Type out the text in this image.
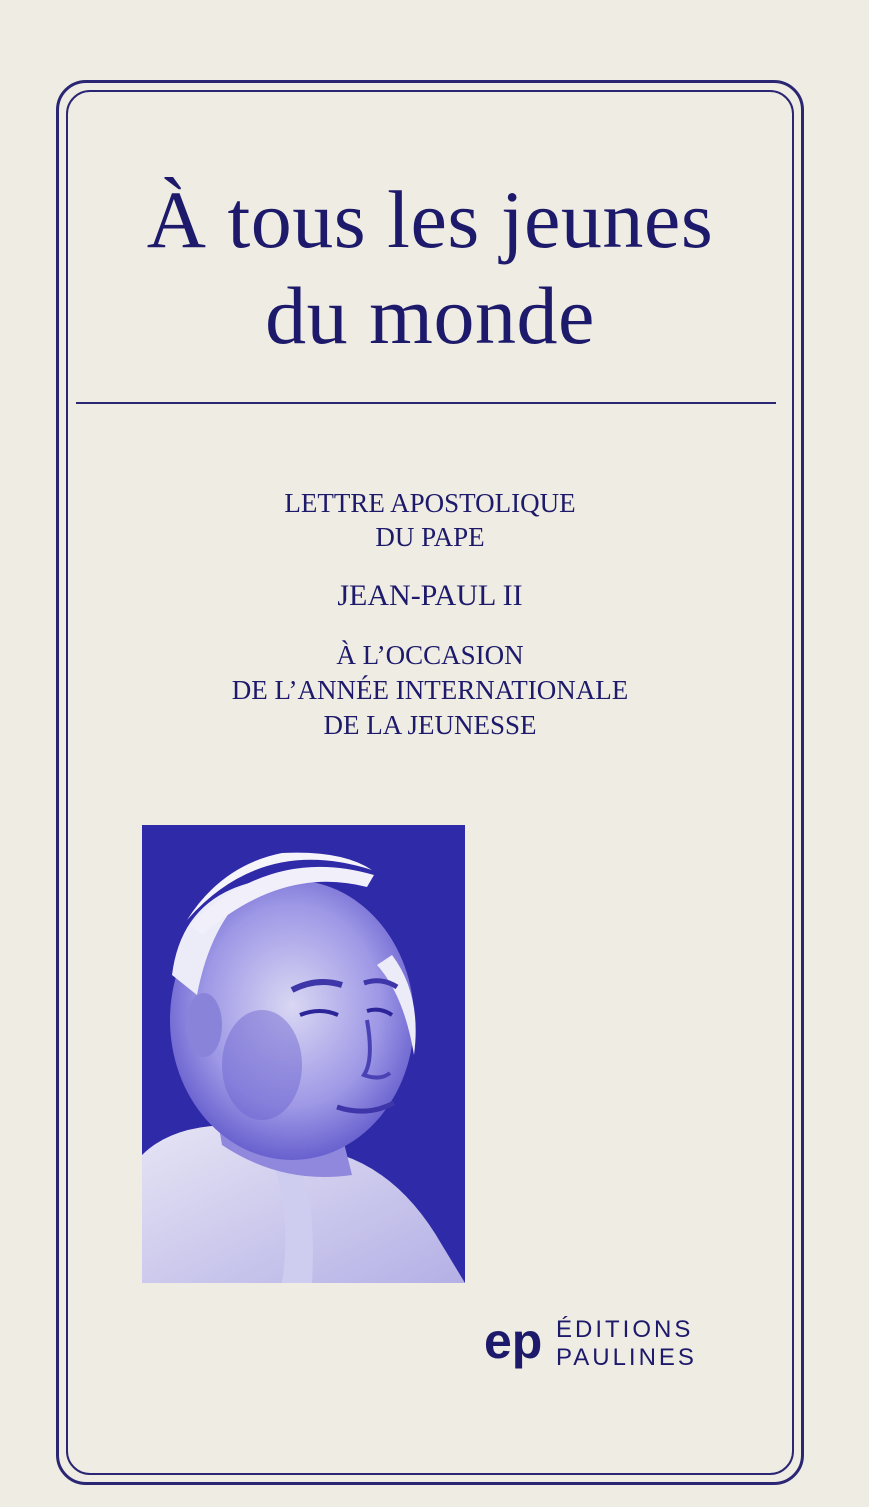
À tous les jeunes
du monde
LETTRE APOSTOLIQUE
DU PAPE
JEAN-PAUL II
À L’OCCASION
DE L’ANNÉE INTERNATIONALE
DE LA JEUNESSE
ep ÉDITIONS
PAULINES
